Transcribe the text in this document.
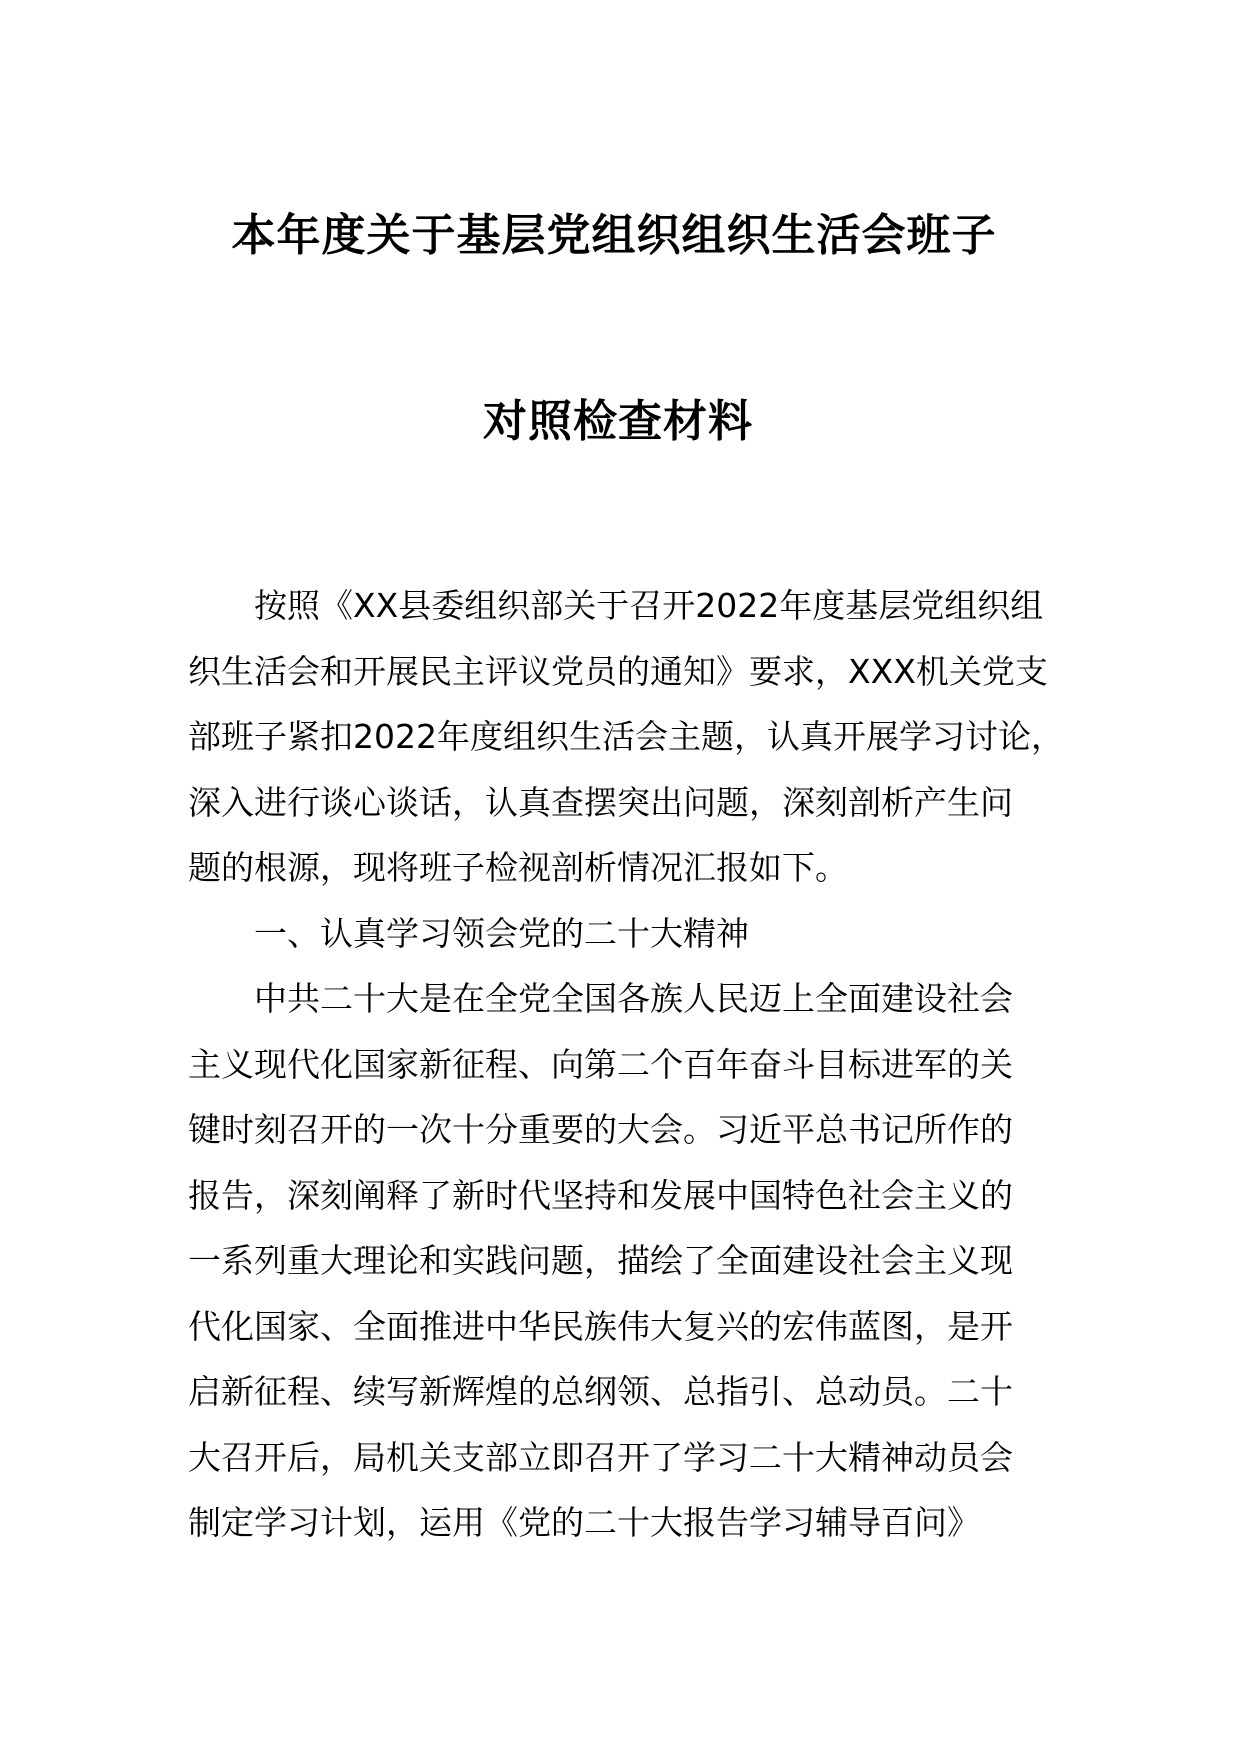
本年度关于基层党组织组织生活会班子
对照检查材料
按照《XX县委组织部关于召开2022年度基层党组织组
织生活会和开展民主评议党员的通知》要求，XXX机关党支
部班子紧扣2022年度组织生活会主题，认真开展学习讨论，
深入进行谈心谈话，认真查摆突出问题，深刻剖析产生问
题的根源，现将班子检视剖析情况汇报如下。
一、认真学习领会党的二十大精神
中共二十大是在全党全国各族人民迈上全面建设社会
主义现代化国家新征程、向第二个百年奋斗目标进军的关
键时刻召开的一次十分重要的大会。习近平总书记所作的
报告，深刻阐释了新时代坚持和发展中国特色社会主义的
一系列重大理论和实践问题，描绘了全面建设社会主义现
代化国家、全面推进中华民族伟大复兴的宏伟蓝图，是开
启新征程、续写新辉煌的总纲领、总指引、总动员。二十
大召开后，局机关支部立即召开了学习二十大精神动员会
制定学习计划，运用《党的二十大报告学习辅导百问》
